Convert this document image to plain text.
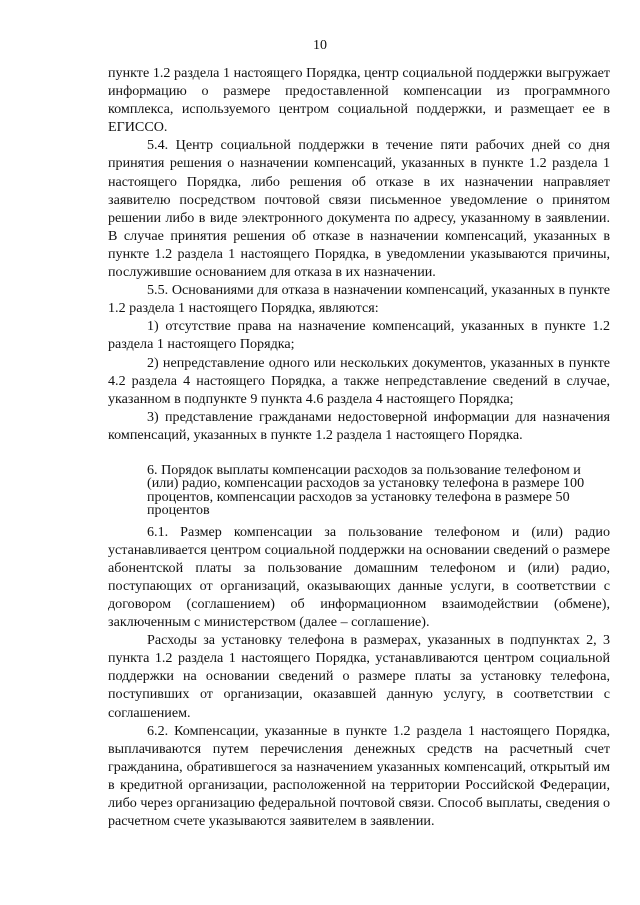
10

пункте 1.2 раздела 1 настоящего Порядка, центр социальной поддержки выгружает информацию о размере предоставленной компенсации из программного комплекса, используемого центром социальной поддержки, и размещает ее в ЕГИССО.

5.4. Центр социальной поддержки в течение пяти рабочих дней со дня принятия решения о назначении компенсаций, указанных в пункте 1.2 раздела 1 настоящего Порядка, либо решения об отказе в их назначении направляет заявителю посредством почтовой связи письменное уведомление о принятом решении либо в виде электронного документа по адресу, указанному в заявлении. В случае принятия решения об отказе в назначении компенсаций, указанных в пункте 1.2 раздела 1 настоящего Порядка, в уведомлении указываются причины, послужившие основанием для отказа в их назначении.

5.5. Основаниями для отказа в назначении компенсаций, указанных в пункте 1.2 раздела 1 настоящего Порядка, являются:

1) отсутствие права на назначение компенсаций, указанных в пункте 1.2 раздела 1 настоящего Порядка;

2) непредставление одного или нескольких документов, указанных в пункте 4.2 раздела 4 настоящего Порядка, а также непредставление сведений в случае, указанном в подпункте 9 пункта 4.6 раздела 4 настоящего Порядка;

3) представление гражданами недостоверной информации для назначения компенсаций, указанных в пункте 1.2 раздела 1 настоящего Порядка.

6. Порядок выплаты компенсации расходов за пользование телефоном и (или) радио, компенсации расходов за установку телефона в размере 100 процентов, компенсации расходов за установку телефона в размере 50 процентов

6.1. Размер компенсации за пользование телефоном и (или) радио устанавливается центром социальной поддержки на основании сведений о размере абонентской платы за пользование домашним телефоном и (или) радио, поступающих от организаций, оказывающих данные услуги, в соответствии с договором (соглашением) об информационном взаимодействии (обмене), заключенным с министерством (далее – соглашение).

Расходы за установку телефона в размерах, указанных в подпунктах 2, 3 пункта 1.2 раздела 1 настоящего Порядка, устанавливаются центром социальной поддержки на основании сведений о размере платы за установку телефона, поступивших от организации, оказавшей данную услугу, в соответствии с соглашением.

6.2. Компенсации, указанные в пункте 1.2 раздела 1 настоящего Порядка, выплачиваются путем перечисления денежных средств на расчетный счет гражданина, обратившегося за назначением указанных компенсаций, открытый им в кредитной организации, расположенной на территории Российской Федерации, либо через организацию федеральной почтовой связи. Способ выплаты, сведения о расчетном счете указываются заявителем в заявлении.
